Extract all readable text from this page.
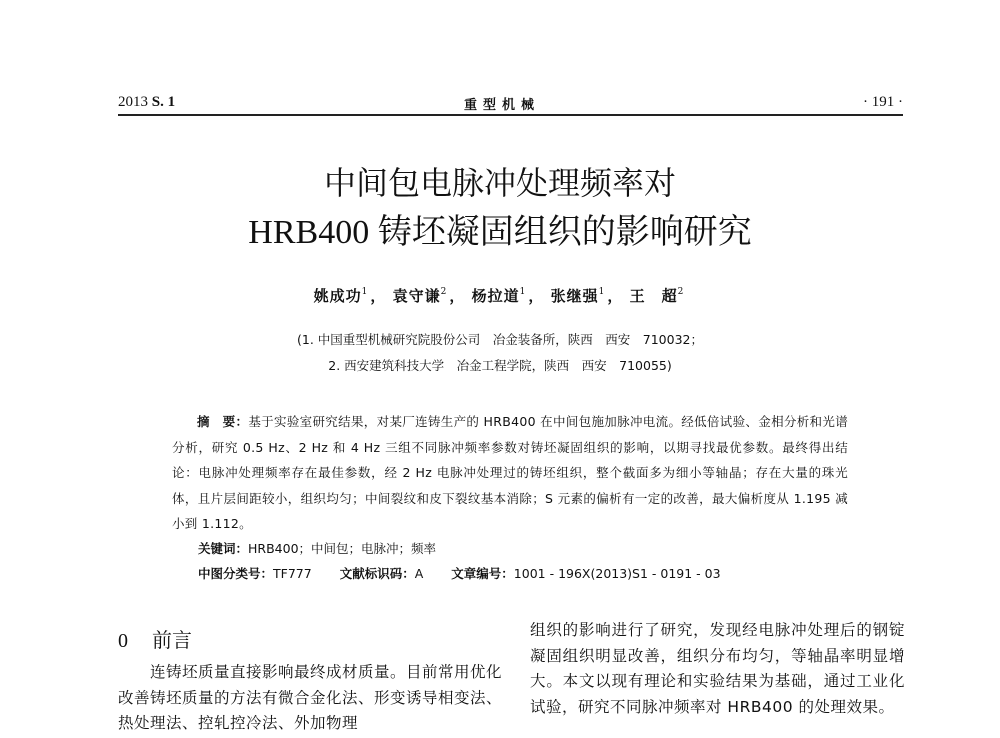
2013 S. 1	重型机械	· 191 ·
中间包电脉冲处理频率对
HRB400 铸坯凝固组织的影响研究
姚成功$^1$ ， 袁守谦$^2$ ， 杨拉道$^1$ ， 张继强$^1$ ， 王　超$^2$
(1. 中国重型机械研究院股份公司　冶金装备所，陕西　西安　710032；
2. 西安建筑科技大学　冶金工程学院，陕西　西安　710055)
摘　要：基于实验室研究结果，对某厂连铸生产的 HRB400 在中间包施加脉冲电流。经低倍试验、金相分析和光谱分析，研究 0.5 Hz、2 Hz 和 4 Hz 三组不同脉冲频率参数对铸坯凝固组织的影响，以期寻找最优参数。最终得出结论：电脉冲处理频率存在最佳参数，经 2 Hz 电脉冲处理过的铸坯组织，整个截面多为细小等轴晶；存在大量的珠光体，且片层间距较小，组织均匀；中间裂纹和皮下裂纹基本消除；S 元素的偏析有一定的改善，最大偏析度从 1.195 减小到 1.112。
关键词：HRB400；中间包；电脉冲；频率
中图分类号：TF777 文献标识码：A 文章编号：1001 - 196X(2013)S1 - 0191 - 03
0 前言
连铸坯质量直接影响最终成材质量。目前常用优化改善铸坯质量的方法有微合金化法、形变诱导相变法、热处理法、控轧控冷法、外加物理
组织的影响进行了研究，发现经电脉冲处理后的钢锭凝固组织明显改善，组织分布均匀，等轴晶率明显增大。本文以现有理论和实验结果为基础，通过工业化试验，研究不同脉冲频率对 HRB400 的处理效果。
